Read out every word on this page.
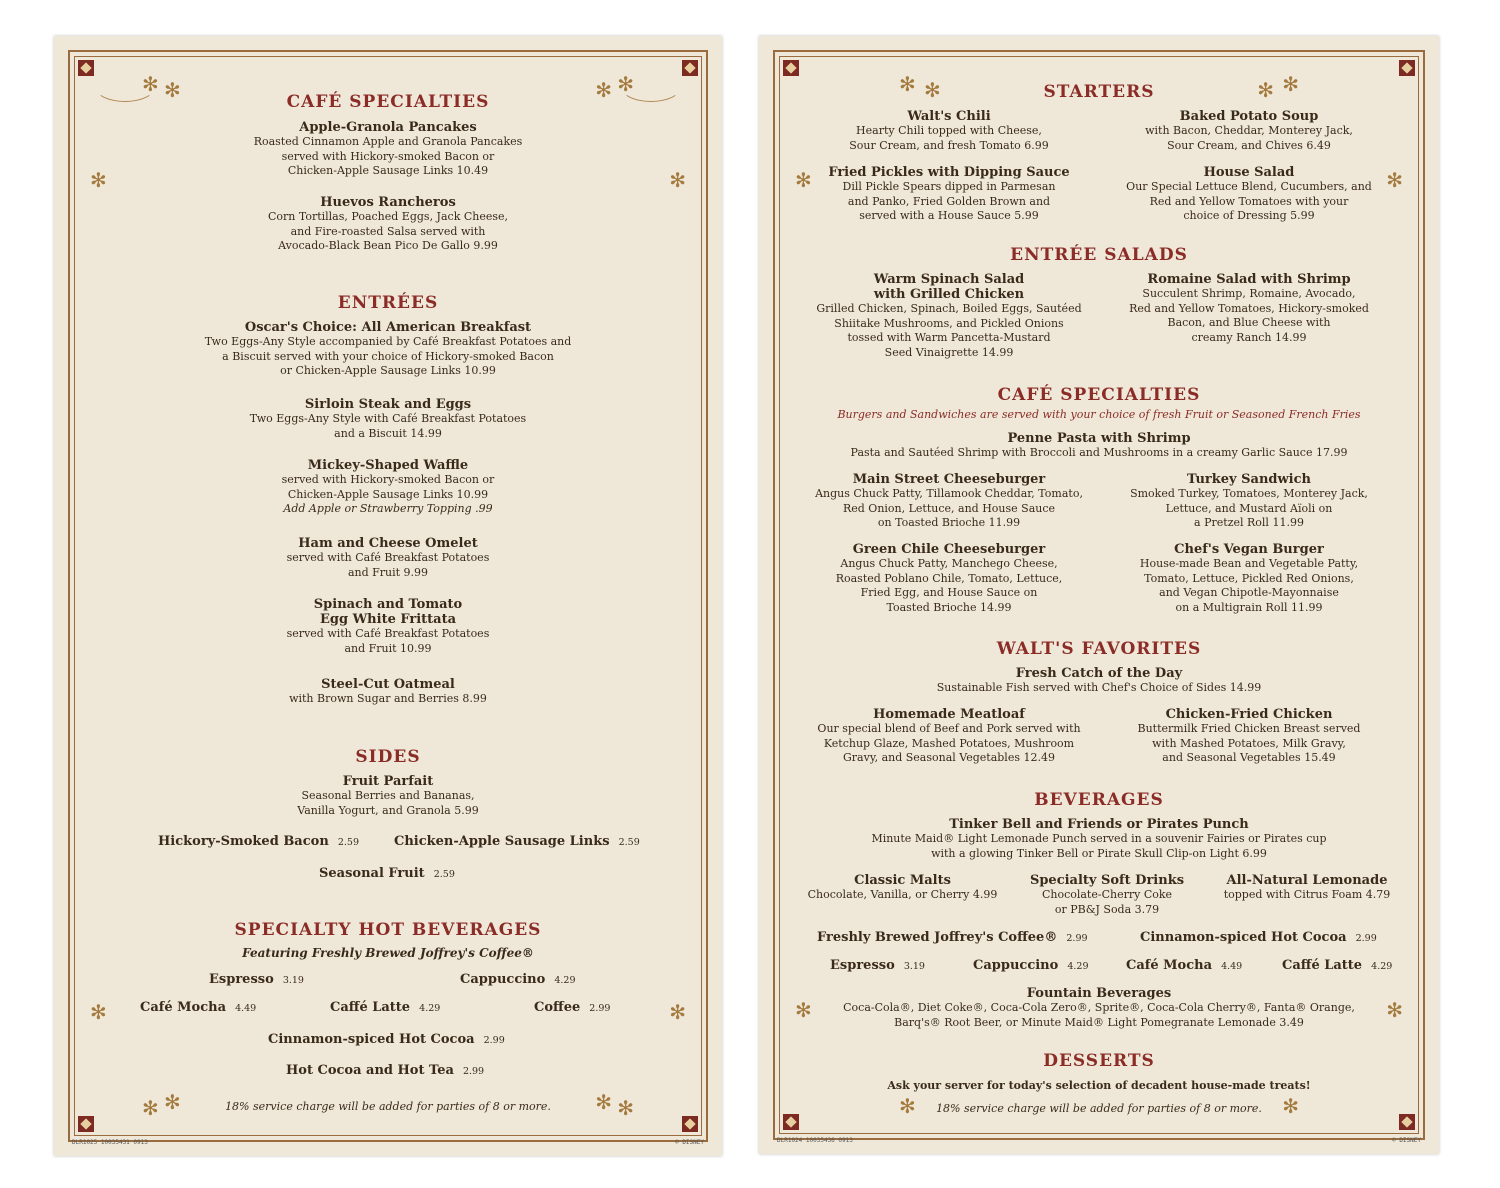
✻ ✻	✻
✻
✻	✻
✻	✻
✻ ✻	✻
✻
CAFÉ SPECIALTIES
Apple-Granola Pancakes
Roasted Cinnamon Apple and Granola Pancakes
served with Hickory-smoked Bacon or
Chicken-Apple Sausage Links 10.49
Huevos Rancheros
Corn Tortillas, Poached Eggs, Jack Cheese,
and Fire-roasted Salsa served with
Avocado-Black Bean Pico De Gallo 9.99
ENTRÉES
Oscar's Choice: All American Breakfast
Two Eggs-Any Style accompanied by Café Breakfast Potatoes and
a Biscuit served with your choice of Hickory-smoked Bacon
or Chicken-Apple Sausage Links 10.99
Sirloin Steak and Eggs
Two Eggs-Any Style with Café Breakfast Potatoes
and a Biscuit 14.99
Mickey-Shaped Waffle
served with Hickory-smoked Bacon or
Chicken-Apple Sausage Links 10.99
Add Apple or Strawberry Topping .99
Ham and Cheese Omelet
served with Café Breakfast Potatoes
and Fruit 9.99
Spinach and Tomato
Egg White Frittata
served with Café Breakfast Potatoes
and Fruit 10.99
Steel-Cut Oatmeal
with Brown Sugar and Berries 8.99
SIDES
Fruit Parfait
Seasonal Berries and Bananas,
Vanilla Yogurt, and Granola 5.99
Hickory-Smoked Bacon 2.59	Chicken-Apple Sausage Links 2.59
Seasonal Fruit 2.59
SPECIALTY HOT BEVERAGES
Featuring Freshly Brewed Joffrey's Coffee®
Espresso 3.19	Cappuccino 4.29
Café Mocha 4.49	Caffé Latte 4.29	Coffee 2.99
Cinnamon-spiced Hot Cocoa 2.99
Hot Cocoa and Hot Tea 2.99
18% service charge will be added for parties of 8 or more.
DLR1025 10035431 0913	© DISNEY
✻ ✻	✻
✻
✻	✻
✻	✻
✻	✻
STARTERS
Walt's Chili
Hearty Chili topped with Cheese,
Sour Cream, and fresh Tomato 6.99
Baked Potato Soup
with Bacon, Cheddar, Monterey Jack,
Sour Cream, and Chives 6.49
Fried Pickles with Dipping Sauce
Dill Pickle Spears dipped in Parmesan
and Panko, Fried Golden Brown and
served with a House Sauce 5.99
House Salad
Our Special Lettuce Blend, Cucumbers, and
Red and Yellow Tomatoes with your
choice of Dressing 5.99
ENTRÉE SALADS
Warm Spinach Salad
with Grilled Chicken
Grilled Chicken, Spinach, Boiled Eggs, Sautéed
Shiitake Mushrooms, and Pickled Onions
tossed with Warm Pancetta-Mustard
Seed Vinaigrette 14.99
Romaine Salad with Shrimp
Succulent Shrimp, Romaine, Avocado,
Red and Yellow Tomatoes, Hickory-smoked
Bacon, and Blue Cheese with
creamy Ranch 14.99
CAFÉ SPECIALTIES
Burgers and Sandwiches are served with your choice of fresh Fruit or Seasoned French Fries
Penne Pasta with Shrimp
Pasta and Sautéed Shrimp with Broccoli and Mushrooms in a creamy Garlic Sauce 17.99
Main Street Cheeseburger
Angus Chuck Patty, Tillamook Cheddar, Tomato,
Red Onion, Lettuce, and House Sauce
on Toasted Brioche 11.99
Turkey Sandwich
Smoked Turkey, Tomatoes, Monterey Jack,
Lettuce, and Mustard Aïoli on
a Pretzel Roll 11.99
Green Chile Cheeseburger
Angus Chuck Patty, Manchego Cheese,
Roasted Poblano Chile, Tomato, Lettuce,
Fried Egg, and House Sauce on
Toasted Brioche 14.99
Chef's Vegan Burger
House-made Bean and Vegetable Patty,
Tomato, Lettuce, Pickled Red Onions,
and Vegan Chipotle-Mayonnaise
on a Multigrain Roll 11.99
WALT'S FAVORITES
Fresh Catch of the Day
Sustainable Fish served with Chef's Choice of Sides 14.99
Homemade Meatloaf
Our special blend of Beef and Pork served with
Ketchup Glaze, Mashed Potatoes, Mushroom
Gravy, and Seasonal Vegetables 12.49
Chicken-Fried Chicken
Buttermilk Fried Chicken Breast served
with Mashed Potatoes, Milk Gravy,
and Seasonal Vegetables 15.49
BEVERAGES
Tinker Bell and Friends or Pirates Punch
Minute Maid® Light Lemonade Punch served in a souvenir Fairies or Pirates cup
with a glowing Tinker Bell or Pirate Skull Clip-on Light 6.99
Classic Malts
Chocolate, Vanilla, or Cherry 4.99
Specialty Soft Drinks
Chocolate-Cherry Coke
or PB&J Soda 3.79
All-Natural Lemonade
topped with Citrus Foam 4.79
Freshly Brewed Joffrey's Coffee® 2.99	Cinnamon-spiced Hot Cocoa 2.99
Espresso 3.19	Cappuccino 4.29	Café Mocha 4.49	Caffé Latte 4.29
Fountain Beverages
Coca-Cola®, Diet Coke®, Coca-Cola Zero®, Sprite®, Coca-Cola Cherry®, Fanta® Orange,
Barq's® Root Beer, or Minute Maid® Light Pomegranate Lemonade 3.49
DESSERTS
Ask your server for today's selection of decadent house-made treats!
18% service charge will be added for parties of 8 or more.
DLR1024 10035436 0913	© DISNEY
